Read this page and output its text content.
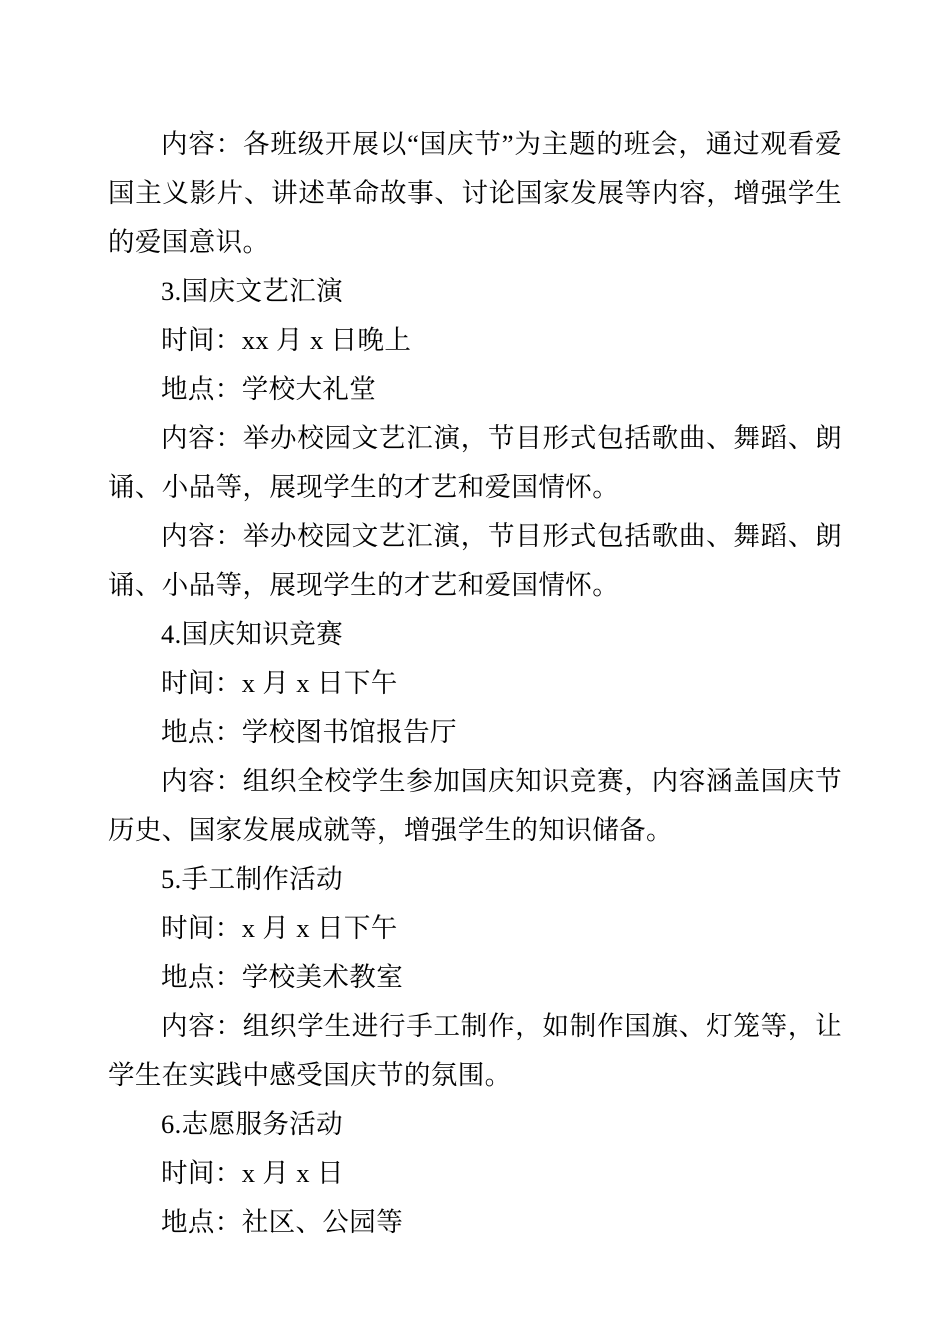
内容：各班级开展以“国庆节”为主题的班会，通过观看爱国主义影片、讲述革命故事、讨论国家发展等内容，增强学生的爱国意识。

3.国庆文艺汇演

时间：xx 月 x 日晚上

地点：学校大礼堂

内容：举办校园文艺汇演，节目形式包括歌曲、舞蹈、朗诵、小品等，展现学生的才艺和爱国情怀。

内容：举办校园文艺汇演，节目形式包括歌曲、舞蹈、朗诵、小品等，展现学生的才艺和爱国情怀。

4.国庆知识竞赛

时间：x 月 x 日下午

地点：学校图书馆报告厅

内容：组织全校学生参加国庆知识竞赛，内容涵盖国庆节历史、国家发展成就等，增强学生的知识储备。

5.手工制作活动

时间：x 月 x 日下午

地点：学校美术教室

内容：组织学生进行手工制作，如制作国旗、灯笼等，让学生在实践中感受国庆节的氛围。

6.志愿服务活动

时间：x 月 x 日

地点：社区、公园等
